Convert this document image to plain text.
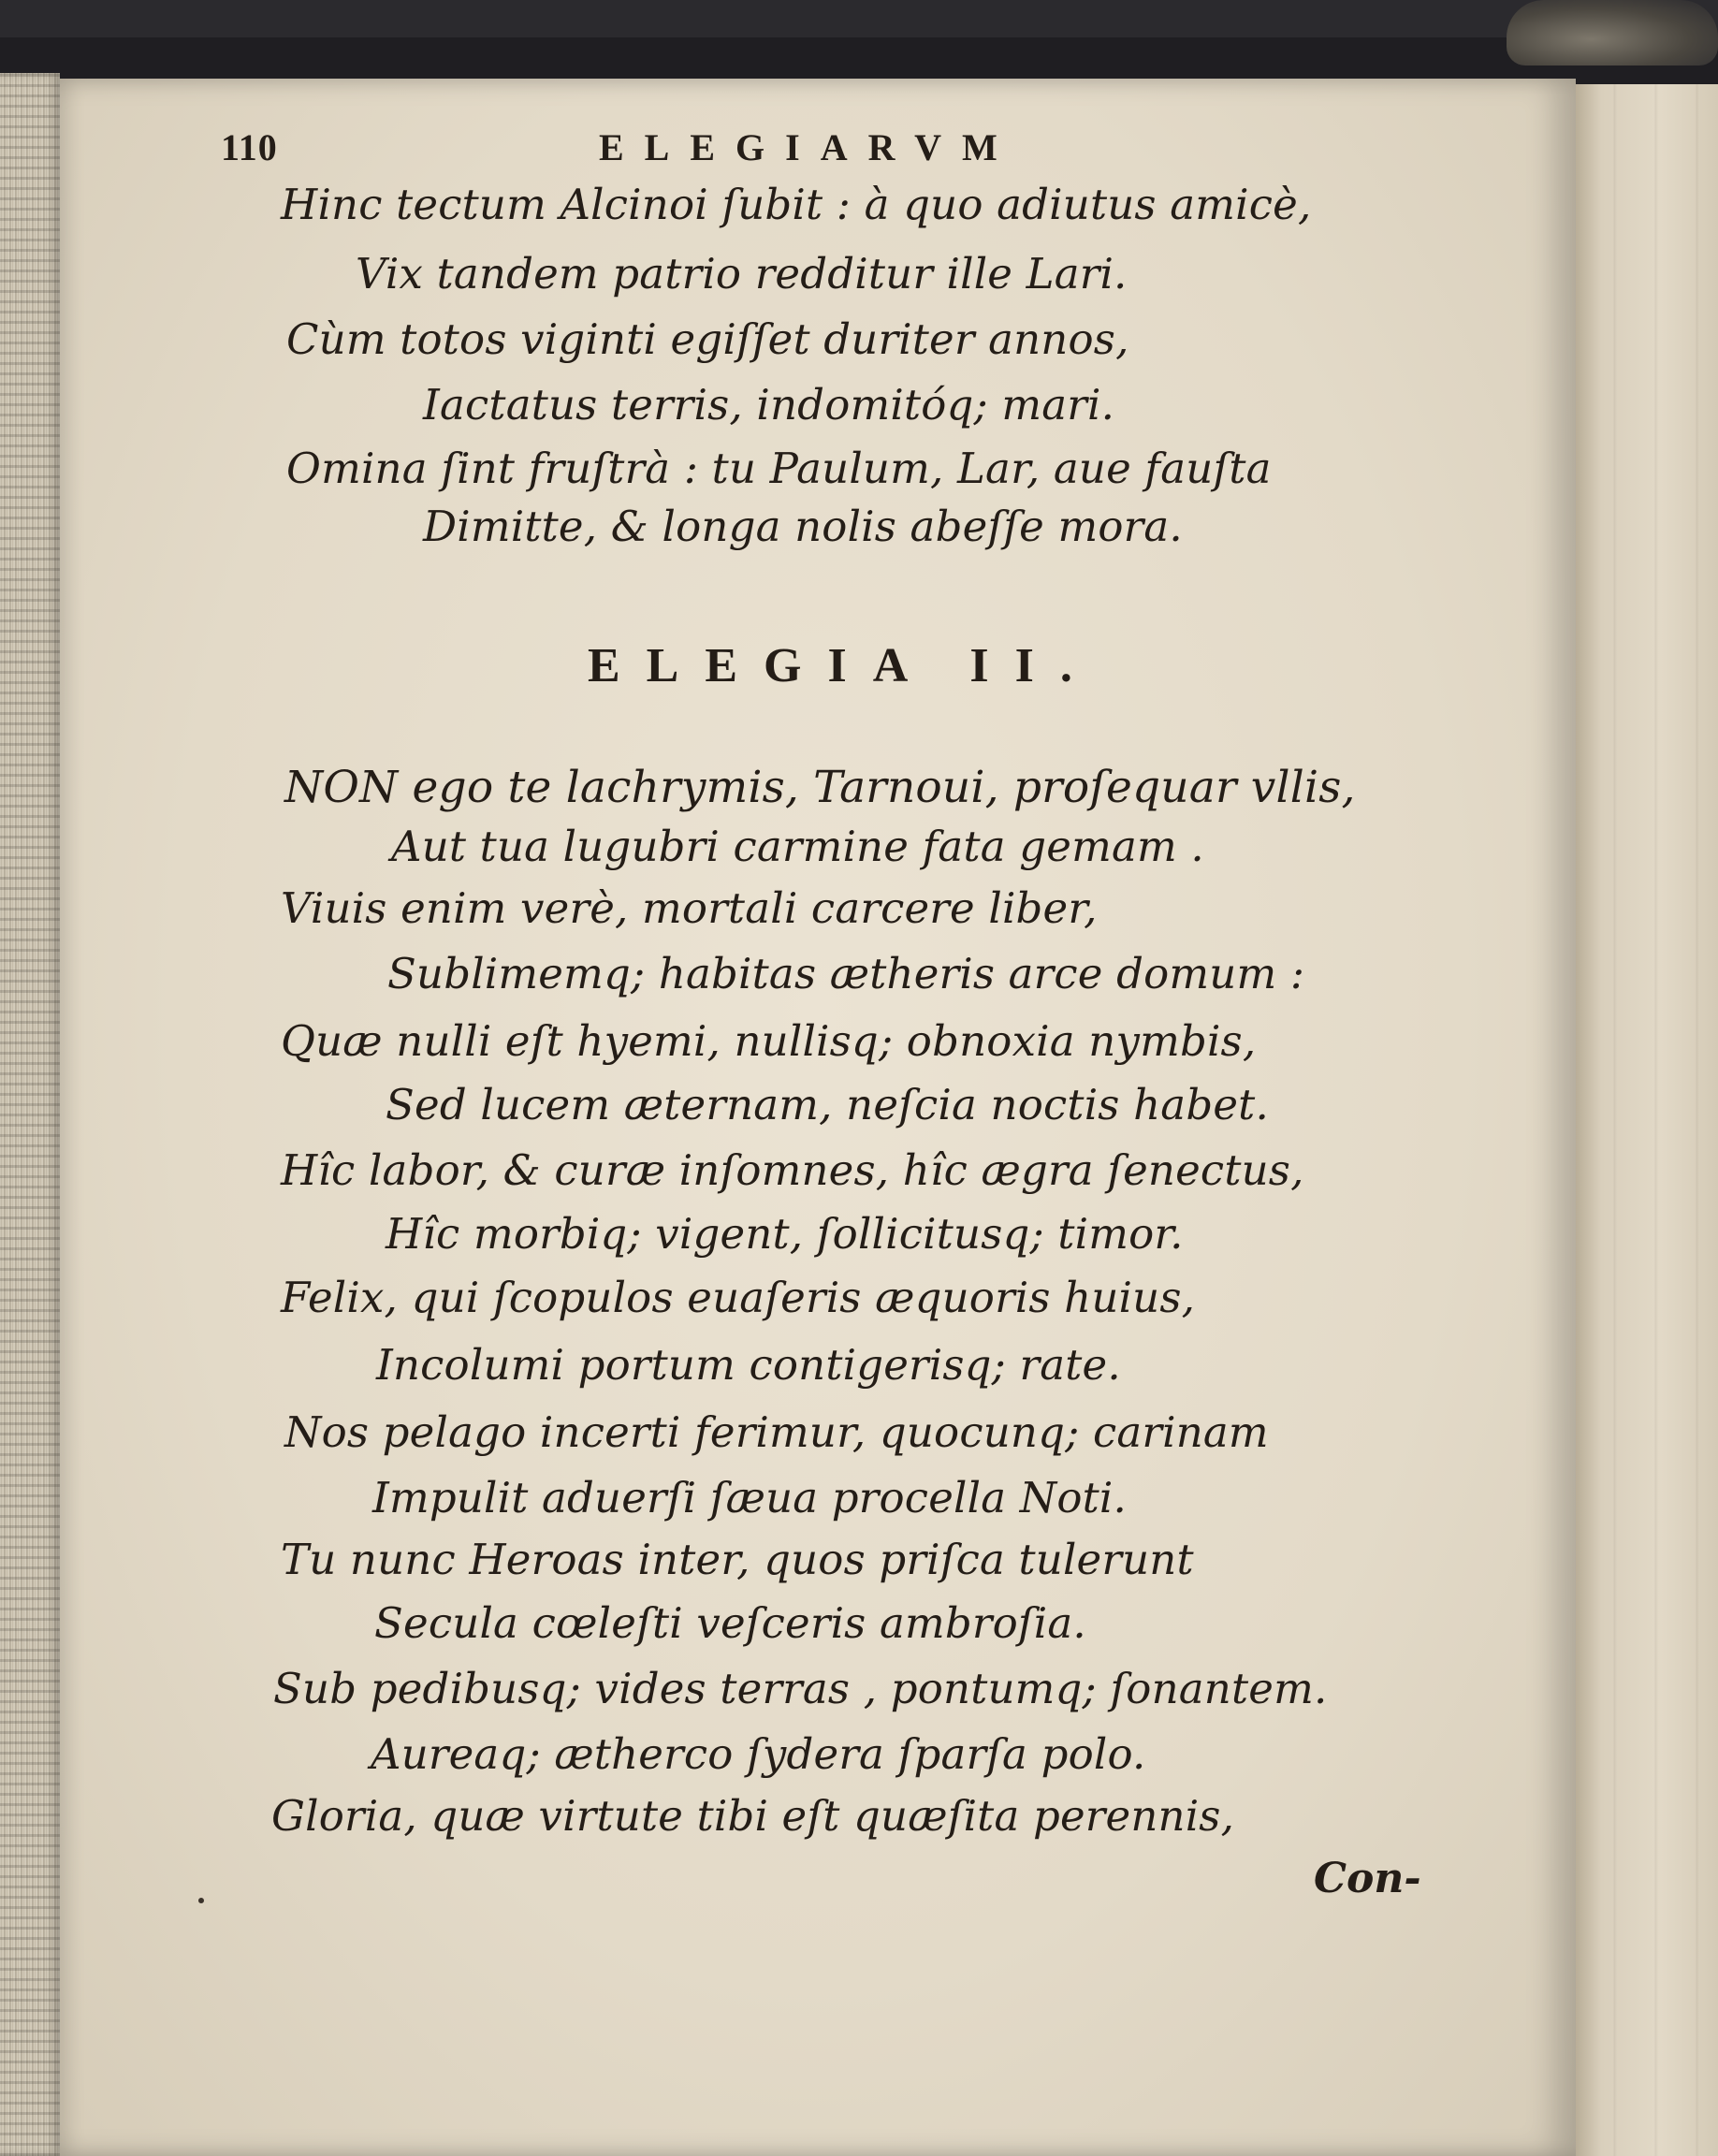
110	ELEGIARVM
Hinc tectum Alcinoi ſubit : à quo adiutus amicè,
Vix tandem patrio redditur ille Lari.
Cùm totos viginti egiſſet duriter annos,
Iactatus terris, indomitóq; mari.
Omina ſint fruſtrà : tu Paulum, Lar, aue fauſta
Dimitte, & longa nolis abeſſe mora.
ELEGIA II.
NON ego te lachrymis, Tarnoui, proſequar vllis,
Aut tua lugubri carmine fata gemam .
Viuis enim verè, mortali carcere liber,
Sublimemq; habitas ætheris arce domum :
Quæ nulli eſt hyemi, nullisq; obnoxia nymbis,
Sed lucem æternam, neſcia noctis habet.
Hîc labor, & curæ inſomnes, hîc ægra ſenectus,
Hîc morbiq; vigent, ſollicitusq; timor.
Felix, qui ſcopulos euaſeris æquoris huius,
Incolumi portum contigerisq; rate.
Nos pelago incerti ferimur, quocunq; carinam
Impulit aduerſi ſæua procella Noti.
Tu nunc Heroas inter, quos priſca tulerunt
Secula cœleſti veſceris ambroſia.
Sub pedibusq; vides terras , pontumq; ſonantem.
Aureaq; ætherco ſydera ſparſa polo.
Gloria, quæ virtute tibi eſt quæſita perennis,
Con-
